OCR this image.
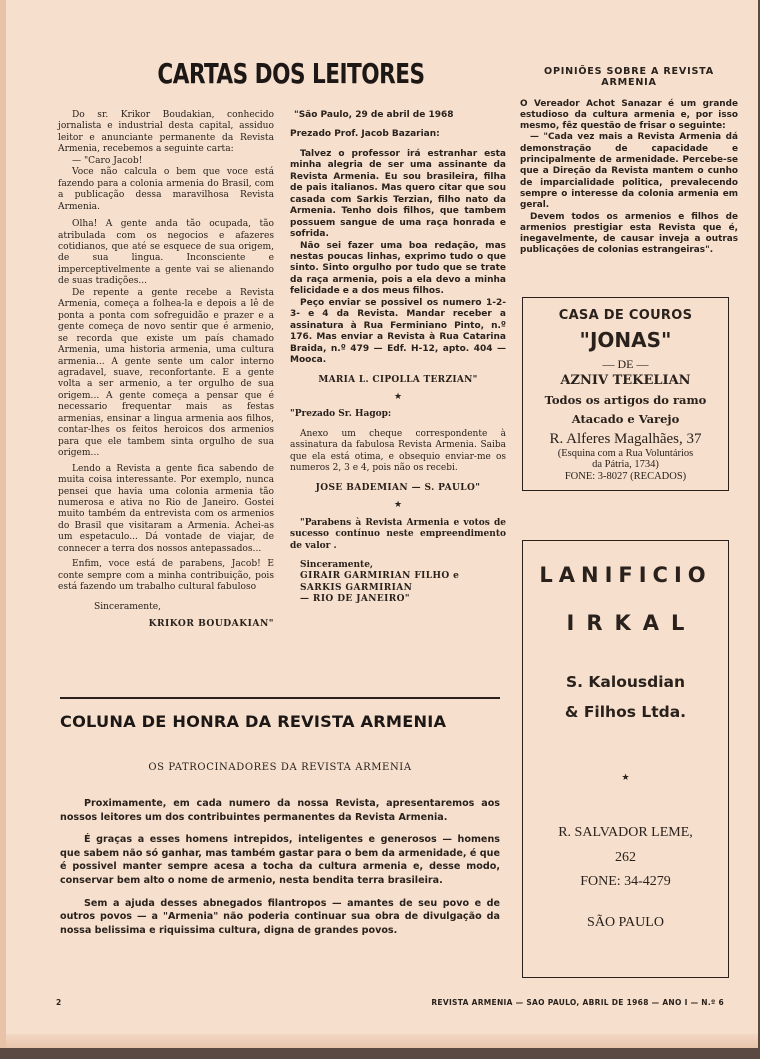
CARTAS DOS LEITORES

Do sr. Krikor Boudakian, conhecido jornalista e industrial desta capital, assiduo leitor e anunciante permanente da Revista Armenia, recebemos a seguinte carta:

— "Caro Jacob!

Voce não calcula o bem que voce está fazendo para a colonia armenia do Brasil, com a publicação dessa maravilhosa Revista Armenia.

Olha! A gente anda tão ocupada, tão atribulada com os negocios e afazeres cotidianos, que até se esquece de sua origem, de sua lingua. Inconsciente e imperceptivelmente a gente vai se alienando de suas tradições...

De repente a gente recebe a Revista Armenia, começa a folhea-la e depois a lê de ponta a ponta com sofreguidão e prazer e a gente começa de novo sentir que é armenio, se recorda que existe um país chamado Armenia, uma historia armenia, uma cultura armenia... A gente sente um calor interno agradavel, suave, reconfortante. E a gente volta a ser armenio, a ter orgulho de sua origem... A gente começa a pensar que é necessario frequentar mais as festas armenias, ensinar a lingua armenia aos filhos, contar-lhes os feitos heroicos dos armenios para que ele tambem sinta orgulho de sua origem...

Lendo a Revista a gente fica sabendo de muita coisa interessante. Por exemplo, nunca pensei que havia uma colonia armenia tão numerosa e ativa no Rio de Janeiro. Gostei muito também da entrevista com os armenios do Brasil que visitaram a Armenia. Achei-as um espetaculo... Dá vontade de viajar, de connecer a terra dos nossos antepassados...

Enfim, voce está de parabens, Jacob! E conte sempre com a minha contribuição, pois está fazendo um trabalho cultural fabuloso

Sinceramente,

KRIKOR BOUDAKIAN"

"São Paulo, 29 de abril de 1968

Prezado Prof. Jacob Bazarian:

Talvez o professor irá estranhar esta minha alegria de ser uma assinante da Revista Armenia. Eu sou brasileira, filha de pais italianos. Mas quero citar que sou casada com Sarkis Terzian, filho nato da Armenia. Tenho dois filhos, que tambem possuem sangue de uma raça honrada e sofrida.

Não sei fazer uma boa redação, mas nestas poucas linhas, exprimo tudo o que sinto. Sinto orgulho por tudo que se trate da raça armenia, pois a ela devo a minha felicidade e a dos meus filhos.

Peço enviar se possivel os numero 1-2-3- e 4 da Revista. Mandar receber a assinatura à Rua Ferminiano Pinto, n.º 176. Mas enviar a Revista à Rua Catarina Braida, n.º 479 — Edf. H-12, apto. 404 — Mooca.

MARIA L. CIPOLLA TERZIAN"

★

"Prezado Sr. Hagop:

Anexo um cheque correspondente à assinatura da fabulosa Revista Armenia. Saiba que ela está otima, e obsequio enviar-me os numeros 2, 3 e 4, pois não os recebi.

JOSE BADEMIAN — S. PAULO"

★

"Parabens à Revista Armenia e votos de sucesso contínuo neste empreendimento de valor .

Sinceramente,

GIRAIR GARMIRIAN FILHO e

SARKIS GARMIRIAN

— RIO DE JANEIRO"

OPINIÕES SOBRE A REVISTA ARMENIA

O Vereador Achot Sanazar é um grande estudioso da cultura armenia e, por isso mesmo, fêz questão de frisar o seguinte:

— "Cada vez mais a Revista Armenia dá demonstração de capacidade e principalmente de armenidade. Percebe-se que a Direção da Revista mantem o cunho de imparcialidade politica, prevalecendo sempre o interesse da colonia armenia em geral.

Devem todos os armenios e filhos de armenios prestigiar esta Revista que é, inegavelmente, de causar inveja a outras publicações de colonias estrangeiras".

CASA DE COUROS
"JONAS"
— DE —
AZNIV TEKELIAN
Todos os artigos do ramo
Atacado e Varejo
R. Alferes Magalhães, 37
(Esquina com a Rua Voluntários da Pátria, 1734)
FONE: 3-8027 (RECADOS)
LANIFICIO
IRKAL
S. Kalousdian
& Filhos Ltda.
★
R. SALVADOR LEME,
262
FONE: 34-4279
SÃO PAULO
COLUNA DE HONRA DA REVISTA ARMENIA
OS PATROCINADORES DA REVISTA ARMENIA

Proximamente, em cada numero da nossa Revista, apresentaremos aos nossos leitores um dos contribuintes permanentes da Revista Armenia.

É graças a esses homens intrepidos, inteligentes e generosos — homens que sabem não só ganhar, mas também gastar para o bem da armenidade, é que é possivel manter sempre acesa a tocha da cultura armenia e, desse modo, conservar bem alto o nome de armenio, nesta bendita terra brasileira.

Sem a ajuda desses abnegados filantropos — amantes de seu povo e de outros povos — a "Armenia" não poderia continuar sua obra de divulgação da nossa belissima e riquissima cultura, digna de grandes povos.

2	REVISTA ARMENIA — SAO PAULO, ABRIL DE 1968 — ANO I — N.º 6
